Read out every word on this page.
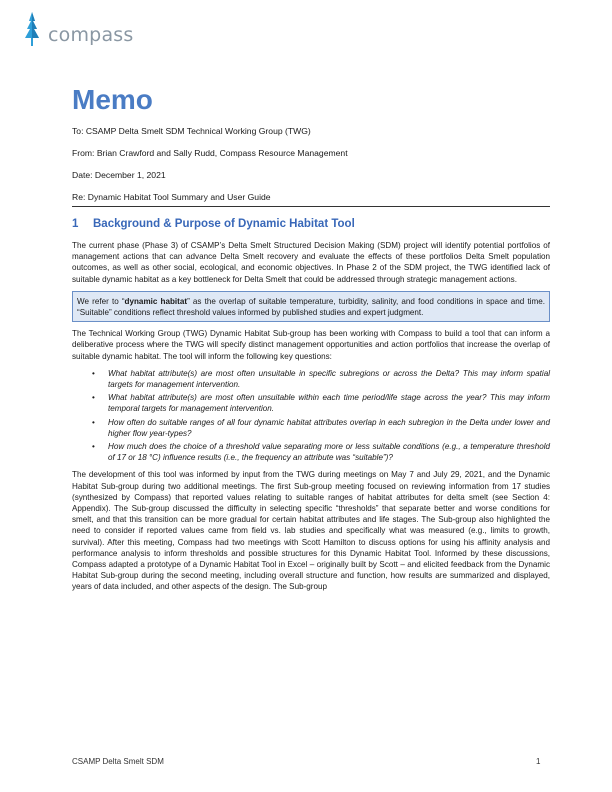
compass
Memo
To: CSAMP Delta Smelt SDM Technical Working Group (TWG)
From: Brian Crawford and Sally Rudd, Compass Resource Management
Date: December 1, 2021
Re: Dynamic Habitat Tool Summary and User Guide
1 Background & Purpose of Dynamic Habitat Tool

The current phase (Phase 3) of CSAMP’s Delta Smelt Structured Decision Making (SDM) project will identify potential portfolios of management actions that can advance Delta Smelt recovery and evaluate the effects of these portfolios Delta Smelt population outcomes, as well as other social, ecological, and economic objectives. In Phase 2 of the SDM project, the TWG identified lack of suitable dynamic habitat as a key bottleneck for Delta Smelt that could be addressed through strategic management actions.

We refer to “dynamic habitat” as the overlap of suitable temperature, turbidity, salinity, and food conditions in space and time. “Suitable” conditions reflect threshold values informed by published studies and expert judgment.

The Technical Working Group (TWG) Dynamic Habitat Sub-group has been working with Compass to build a tool that can inform a deliberative process where the TWG will specify distinct management opportunities and action portfolios that increase the overlap of suitable dynamic habitat. The tool will inform the following key questions:

• What habitat attribute(s) are most often unsuitable in specific subregions or across the Delta? This may inform spatial targets for management intervention.
• What habitat attribute(s) are most often unsuitable within each time period/life stage across the year? This may inform temporal targets for management intervention.
• How often do suitable ranges of all four dynamic habitat attributes overlap in each subregion in the Delta under lower and higher flow year-types?
• How much does the choice of a threshold value separating more or less suitable conditions (e.g., a temperature threshold of 17 or 18 °C) influence results (i.e., the frequency an attribute was “suitable”)?

The development of this tool was informed by input from the TWG during meetings on May 7 and July 29, 2021, and the Dynamic Habitat Sub-group during two additional meetings. The first Sub-group meeting focused on reviewing information from 17 studies (synthesized by Compass) that reported values relating to suitable ranges of habitat attributes for delta smelt (see Section 4: Appendix). The Sub-group discussed the difficulty in selecting specific “thresholds” that separate better and worse conditions for smelt, and that this transition can be more gradual for certain habitat attributes and life stages. The Sub-group also highlighted the need to consider if reported values came from field vs. lab studies and specifically what was measured (e.g., limits to growth, survival). After this meeting, Compass had two meetings with Scott Hamilton to discuss options for using his affinity analysis and performance analysis to inform thresholds and possible structures for this Dynamic Habitat Tool. Informed by these discussions, Compass adapted a prototype of a Dynamic Habitat Tool in Excel – originally built by Scott – and elicited feedback from the Dynamic Habitat Sub-group during the second meeting, including overall structure and function, how results are summarized and displayed, years of data included, and other aspects of the design. The Sub-group

CSAMP Delta Smelt SDM	1
